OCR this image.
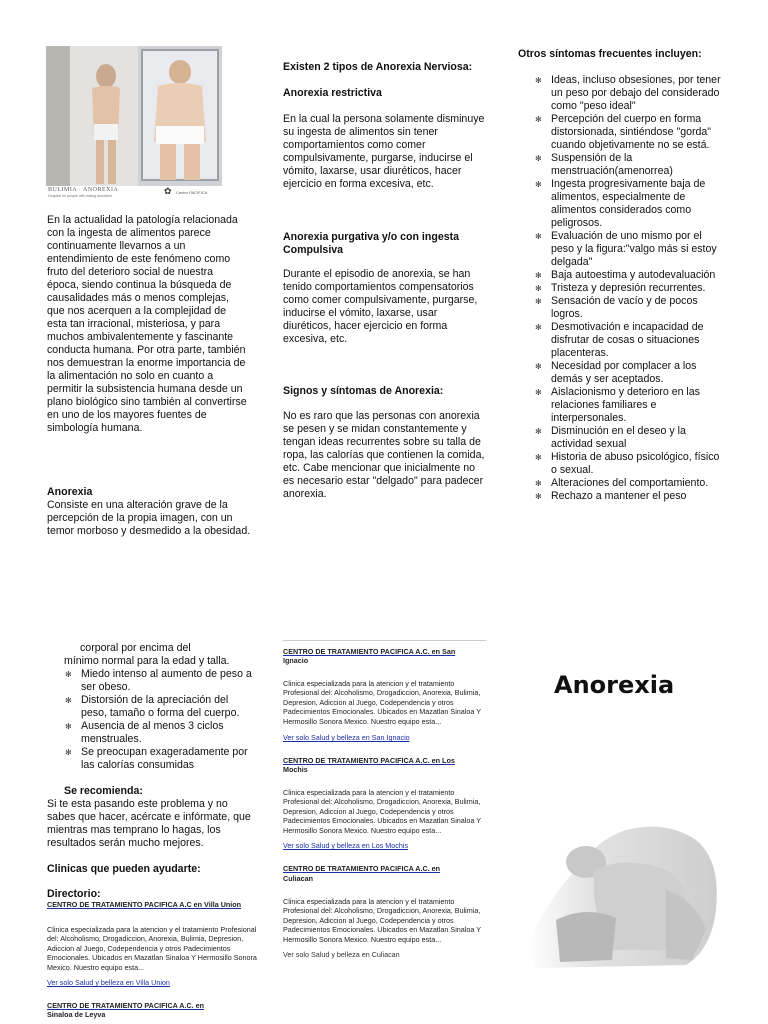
BULIMIA · ANOREXIA
Hospital for people with eating disorders	✿ Centro PACIFICA

En la actualidad la patología relacionada con la ingesta de alimentos parece continuamente llevarnos a un entendimiento de este fenómeno como fruto del deterioro social de nuestra época, siendo continua la búsqueda de causalidades más o menos complejas, que nos acerquen a la complejidad de esta tan irracional, misteriosa, y para muchos ambivalentemente y fascinante conducta humana. Por otra parte, también nos demuestran la enorme importancia de la alimentación no solo en cuanto a permitir la subsistencia humana desde un plano biológico sino también al convertirse en uno de los mayores fuentes de simbología humana.

Anorexia

Consiste en una alteración grave de la percepción de la propia imagen, con un temor morboso y desmedido a la obesidad.

Existen 2 tipos de Anorexia Nerviosa:

Anorexia restrictiva

En la cual la persona solamente disminuye su ingesta de alimentos sin tener comportamientos como comer compulsivamente, purgarse, inducirse el vómito, laxarse, usar diuréticos, hacer ejercicio en forma excesiva, etc.

Anorexia purgativa y/o con ingesta Compulsiva

Durante el episodio de anorexia, se han tenido comportamientos compensatorios como comer compulsivamente, purgarse, inducirse el vómito, laxarse, usar diuréticos, hacer ejercicio en forma excesiva, etc.

Signos y síntomas de Anorexia:

No es raro que las personas con anorexia se pesen y se midan constantemente y tengan ideas recurrentes sobre su talla de ropa, las calorías que contienen la comida, etc. Cabe mencionar que inicialmente no es necesario estar "delgado" para padecer anorexia.

Otros síntomas frecuentes incluyen:

✻ Ideas, incluso obsesiones, por tener un peso por debajo del considerado como "peso ideal"
✻ Percepción del cuerpo en forma distorsionada, sintiéndose "gorda" cuando objetivamente no se está.
✻ Suspensión de la menstruación(amenorrea)
✻ Ingesta progresivamente baja de alimentos, especialmente de alimentos considerados como peligrosos.
✻ Evaluación de uno mismo por el peso y la figura:"valgo más si estoy delgada"
✻ Baja autoestima y autodevaluación
✻ Tristeza y depresión recurrentes.
✻ Sensación de vacío y de pocos logros.
✻ Desmotivación e incapacidad de disfrutar de cosas o situaciones placenteras.
✻ Necesidad por complacer a los demás y ser aceptados.
✻ Aislacionismo y deterioro en las relaciones familiares e interpersonales.
✻ Disminución en el deseo y la actividad sexual
✻ Historia de abuso psicológico, físico o sexual.
✻ Alteraciones del comportamiento.
✻ Rechazo a mantener el peso

corporal por encima del

mínimo normal para la edad y talla.

✻ Miedo intenso al aumento de peso a ser obeso.
✻ Distorsión de la apreciación del peso, tamaño o forma del cuerpo.
✻ Ausencia de al menos 3 ciclos menstruales.
✻ Se preocupan exageradamente por las calorías consumidas

Se recomienda:

Si te esta pasando este problema y no sabes que hacer, acércate e infórmate, que mientras mas temprano lo hagas, los resultados serán mucho mejores.

Clinicas que pueden ayudarte:

Directorio:

CENTRO DE TRATAMIENTO PACIFICA A.C en Villa Union

Clinica especializada para la atencion y el tratamiento Profesional del: Alcoholismo, Drogadiccion, Anorexia, Bulimia, Depresion, Adiccion al Juego, Codependencia y otros Padecimientos Emocionales. Ubicados en Mazatlan Sinaloa Y Hermosillo Sonora Mexico. Nuestro equipo esta...

Ver solo Salud y belleza en Villa Union
CENTRO DE TRATAMIENTO PACIFICA A.C. en
Sinaloa de Leyva
CENTRO DE TRATAMIENTO PACIFICA A.C. en San
Ignacio

Clinica especializada para la atencion y el tratamiento Profesional del: Alcoholismo, Drogadiccion, Anorexia, Bulimia, Depresion, Adiccion al Juego, Codependencia y otros Padecimientos Emocionales. Ubicados en Mazatlan Sinaloa Y Hermosillo Sonora Mexico. Nuestro equipo esta...

Ver solo Salud y belleza en San Ignacio
CENTRO DE TRATAMIENTO PACIFICA A.C. en Los
Mochis

Clinica especializada para la atencion y el tratamiento Profesional del: Alcoholismo, Drogadiccion, Anorexia, Bulimia, Depresion, Adiccion al Juego, Codependencia y otros Padecimientos Emocionales. Ubicados en Mazatlan Sinaloa Y Hermosillo Sonora Mexico. Nuestro equipo esta...

Ver solo Salud y belleza en Los Mochis
CENTRO DE TRATAMIENTO PACIFICA A.C. en
Culiacan

Clinica especializada para la atencion y el tratamiento Profesional del: Alcoholismo, Drogadiccion, Anorexia, Bulimia, Depresion, Adiccion al Juego, Codependencia y otros Padecimientos Emocionales. Ubicados en Mazatlan Sinaloa Y Hermosillo Sonora Mexico. Nuestro equipo esta...

Ver solo Salud y belleza en Culiacan
Anorexia
